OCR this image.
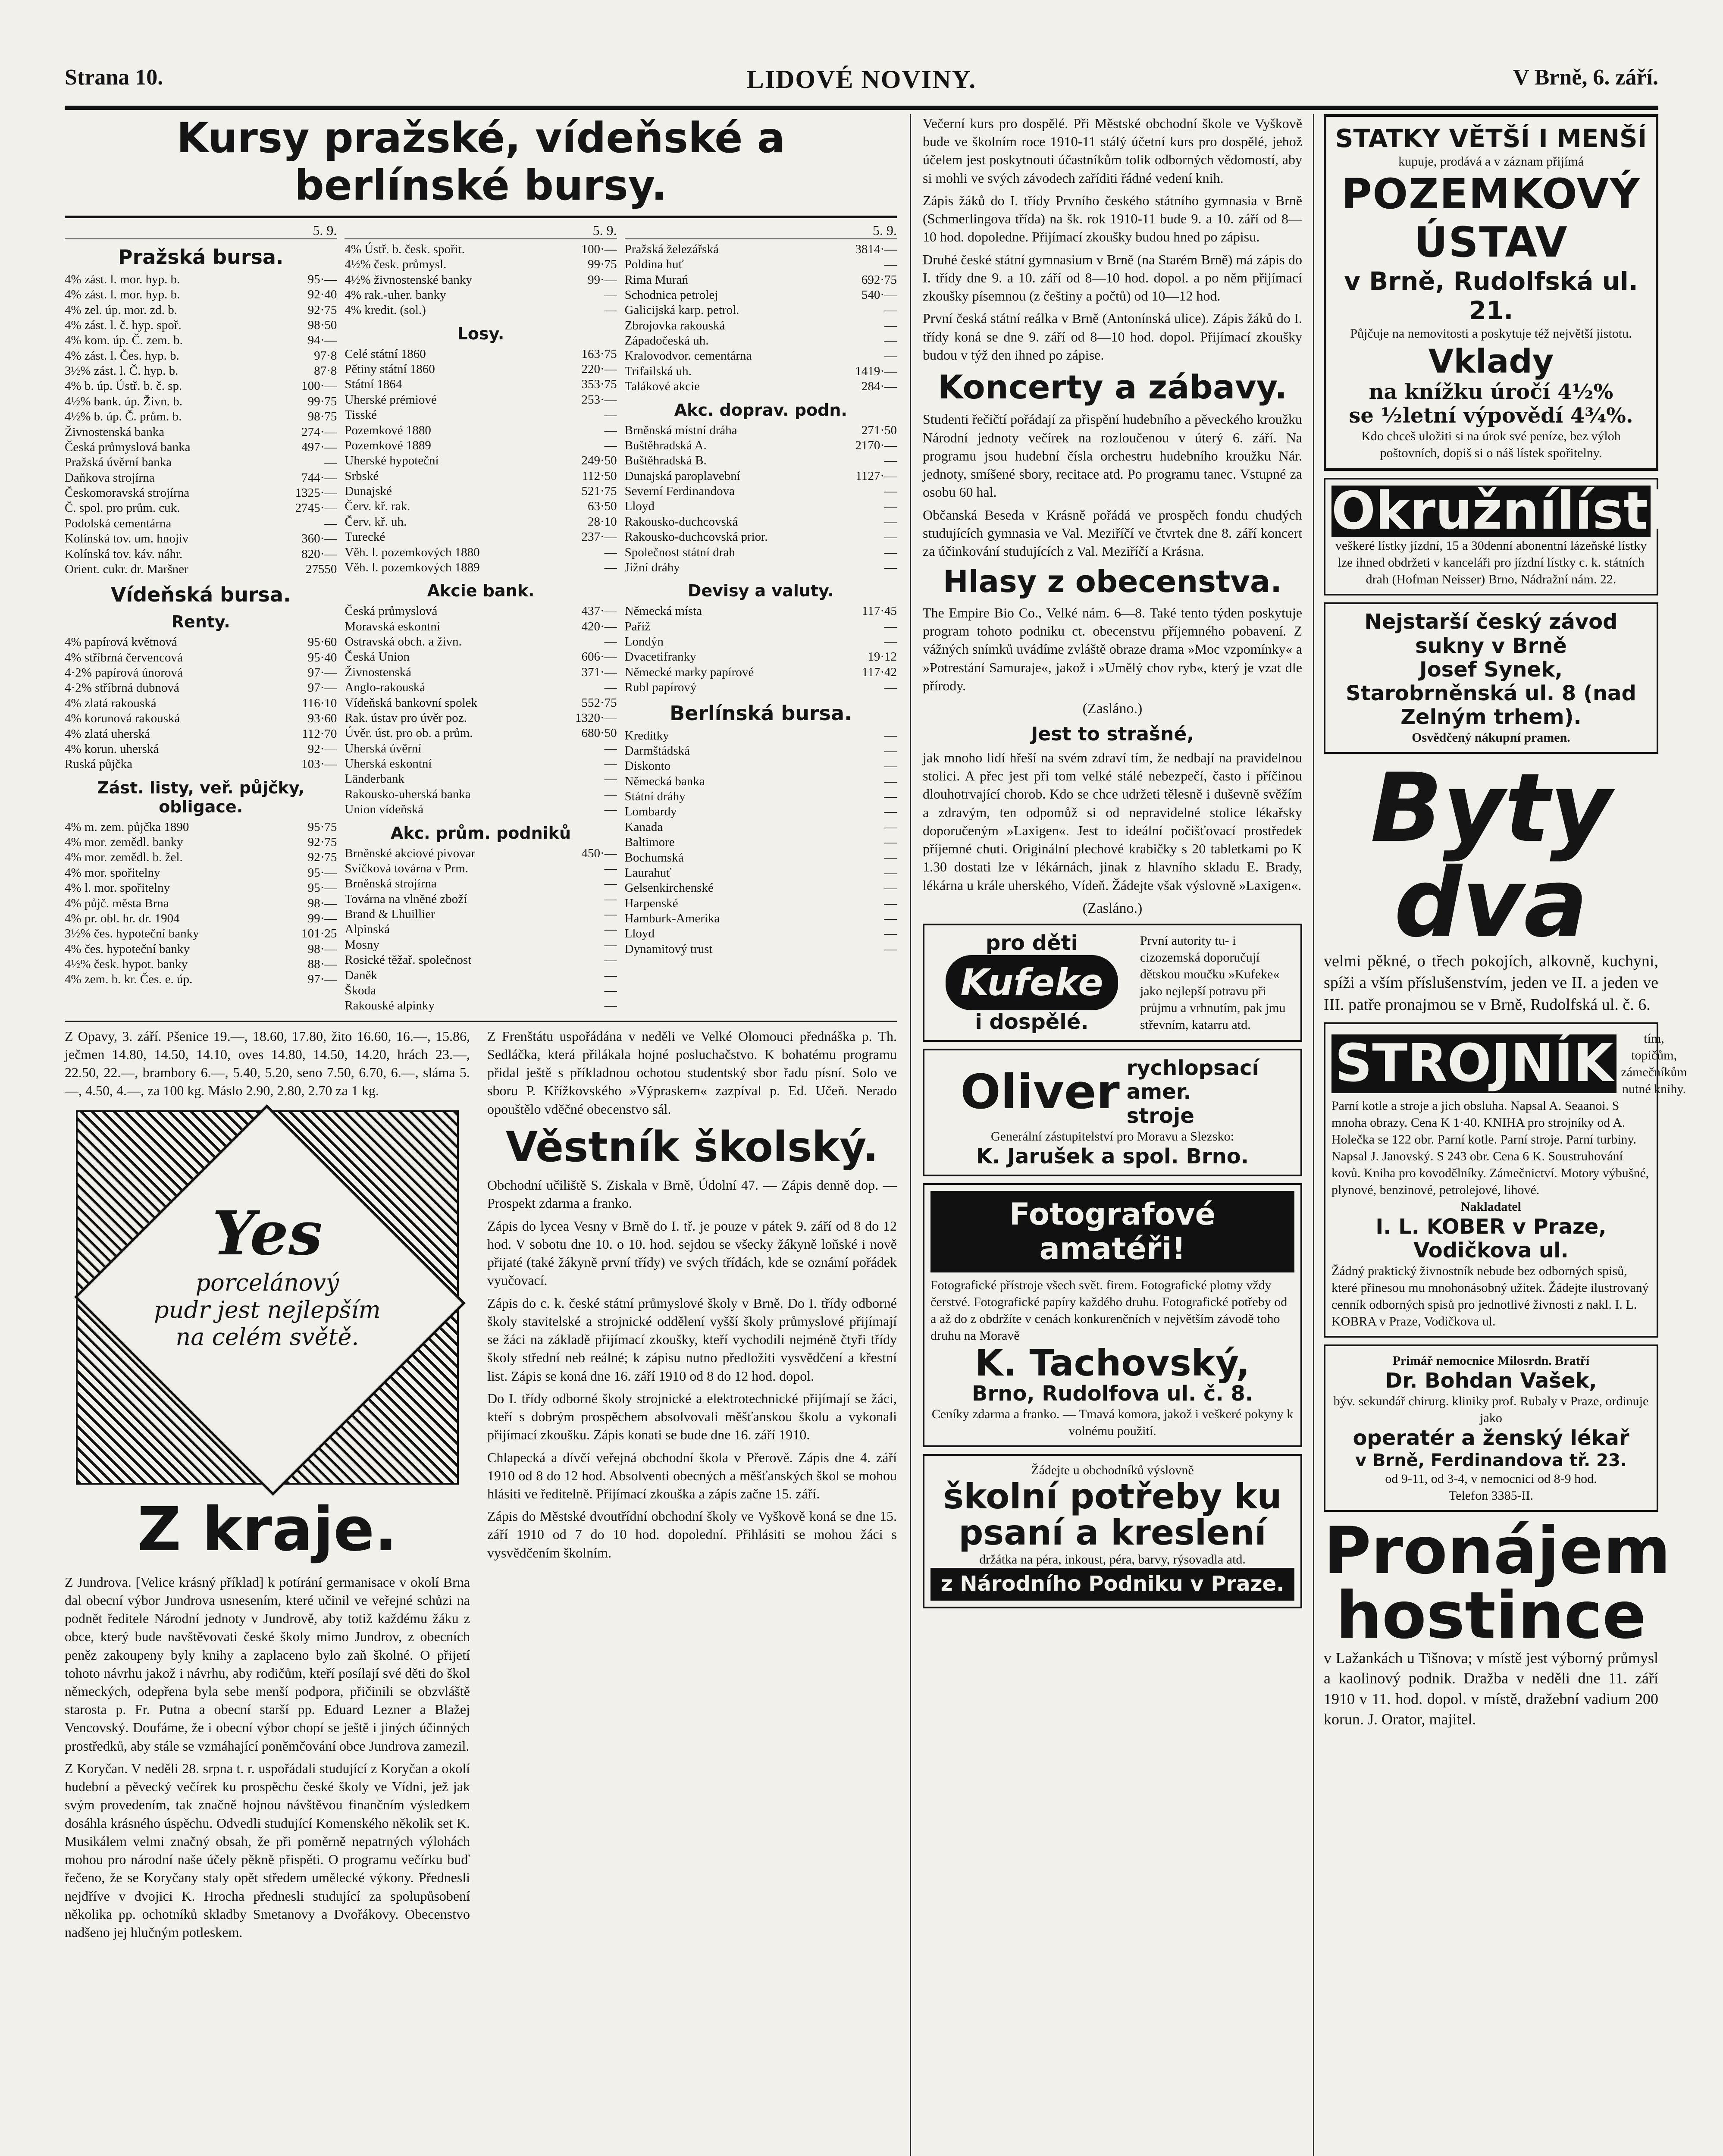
Strana 10.	LIDOVÉ NOVINY.	V Brně, 6. září.
Kursy pražské, vídeňské a berlínské bursy.
5. 9.
Pražská bursa.
4% zást. l. mor. hyp. b.	95·—
4% zást. l. mor. hyp. b.	92·40
4% zel. úp. mor. zd. b.	92·75
4% zást. l. č. hyp. spoř.	98·50
4% kom. úp. Č. zem. b.	94·—
4% zást. l. Čes. hyp. b.	97·8
3½% zást. l. Č. hyp. b.	87·8
4% b. úp. Ústř. b. č. sp.	100·—
4½% bank. úp. Živn. b.	99·75
4½% b. úp. Č. prům. b.	98·75
Živnostenská banka	274·—
Česká průmyslová banka	497·—
Pražská úvěrní banka	—
Daňkova strojírna	744·—
Českomoravská strojírna	1325·—
Č. spol. pro prům. cuk.	2745·—
Podolská cementárna	—
Kolínská tov. um. hnojiv	360·—
Kolínská tov. káv. náhr.	820·—
Orient. cukr. dr. Maršner	27550
Vídeňská bursa.
Renty.
4% papírová květnová	95·60
4% stříbrná červencová	95·40
4·2% papírová únorová	97·—
4·2% stříbrná dubnová	97·—
4% zlatá rakouská	116·10
4% korunová rakouská	93·60
4% zlatá uherská	112·70
4% korun. uherská	92·—
Ruská půjčka	103·—
Zást. listy, veř. půjčky, obligace.
4% m. zem. půjčka 1890	95·75
4% mor. zemědl. banky	92·75
4% mor. zemědl. b. žel.	92·75
4% mor. spořitelny	95·—
4% l. mor. spořitelny	95·—
4% půjč. města Brna	98·—
4% pr. obl. hr. dr. 1904	99·—
3½% čes. hypoteční banky	101·25
4% čes. hypoteční banky	98·—
4½% česk. hypot. banky	88·—
4% zem. b. kr. Čes. e. úp.	97·—
5. 9.
4% Ústř. b. česk. spořit.	100·—
4½% česk. průmysl.	99·75
4½% živnostenské banky	99·—
4% rak.-uher. banky	—
4% kredit. (sol.)	—
Losy.
Celé státní 1860	163·75
Pětiny státní 1860	220·—
Státní 1864	353·75
Uherské prémiové	253·—
Tisské	—
Pozemkové 1880	—
Pozemkové 1889	—
Uherské hypoteční	249·50
Srbské	112·50
Dunajské	521·75
Červ. kř. rak.	63·50
Červ. kř. uh.	28·10
Turecké	237·—
Věh. l. pozemkových 1880	—
Věh. l. pozemkových 1889	—
Akcie bank.
Česká průmyslová	437·—
Moravská eskontní	420·—
Ostravská obch. a živn.	—
Česká Union	606·—
Živnostenská	371·—
Anglo-rakouská	—
Vídeňská bankovní spolek	552·75
Rak. ústav pro úvěr poz.	1320·—
Úvěr. úst. pro ob. a prům.	680·50
Uherská úvěrní	—
Uherská eskontní	—
Länderbank	—
Rakousko-uherská banka	—
Union vídeňská	—
Akc. prům. podniků
Brněnské akciové pivovar	450·—
Svíčková továrna v Prm.	—
Brněnská strojírna	—
Továrna na vlněné zboží	—
Brand & Lhuillier	—
Alpinská	—
Mosny	—
Rosické těžař. společnost	—
Daněk	—
Škoda	—
Rakouské alpinky	—
5. 9.
Pražská železářská	3814·—
Poldina huť	—
Rima Murań	692·75
Schodnica petrolej	540·—
Galicijská karp. petrol.	—
Zbrojovka rakouská	—
Západočeská uh.	—
Kralovodvor. cementárna	—
Trifailská uh.	1419·—
Talákové akcie	284·—
Akc. doprav. podn.
Brněnská místní dráha	271·50
Buštěhradská A.	2170·—
Buštěhradská B.	—
Dunajská paroplavební	1127·—
Severní Ferdinandova	—
Lloyd	—
Rakousko-duchcovská	—
Rakousko-duchcovská prior.	—
Společnost státní drah	—
Jižní dráhy	—
Devisy a valuty.
Německá místa	117·45
Paříž	—
Londýn	—
Dvacetifranky	19·12
Německé marky papírové	117·42
Rubl papírový	—
Berlínská bursa.
Kreditky	—
Darmštádská	—
Diskonto	—
Německá banka	—
Státní dráhy	—
Lombardy	—
Kanada	—
Baltimore	—
Bochumská	—
Laurahuť	—
Gelsenkirchenské	—
Harpenské	—
Hamburk-Amerika	—
Lloyd	—
Dynamitový trust	—

Z Opavy, 3. září. Pšenice 19.—, 18.60, 17.80, žito 16.60, 16.—, 15.86, ječmen 14.80, 14.50, 14.10, oves 14.80, 14.50, 14.20, hrách 23.—, 22.50, 22.—, brambory 6.—, 5.40, 5.20, seno 7.50, 6.70, 6.—, sláma 5.—, 4.50, 4.—, za 100 kg. Máslo 2.90, 2.80, 2.70 za 1 kg.

Yes
porcelánový
pudr jest nejlepším
na celém světě.
Z kraje.

Z Jundrova. [Velice krásný příklad] k potírání germanisace v okolí Brna dal obecní výbor Jundrova usnesením, které učinil ve veřejné schůzi na podnět ředitele Národní jednoty v Jundrově, aby totiž každému žáku z obce, který bude navštěvovati české školy mimo Jundrov, z obecních peněz zakoupeny byly knihy a zaplaceno bylo zaň školné. O přijetí tohoto návrhu jakož i návrhu, aby rodičům, kteří posílají své děti do škol německých, odepřena byla sebe menší podpora, přičinili se obzvláště starosta p. Fr. Putna a obecní starší pp. Eduard Lezner a Blažej Vencovský. Doufáme, že i obecní výbor chopí se ještě i jiných účinných prostředků, aby stále se vzmáhající poněmčování obce Jundrova zamezil.

Z Koryčan. V neděli 28. srpna t. r. uspořádali studující z Koryčan a okolí hudební a pěvecký večírek ku prospěchu české školy ve Vídni, jež jak svým provedením, tak značně hojnou návštěvou finančním výsledkem dosáhla krásného úspěchu. Odvedli studující Komenského několik set K. Musikálem velmi značný obsah, že při poměrně nepatrných výlohách mohou pro národní naše účely pěkně přispěti. O programu večírku buď řečeno, že se Koryčany staly opět středem umělecké výkony. Přednesli nejdříve v dvojici K. Hrocha přednesli studující za spolupůsobení několika pp. ochotníků skladby Smetanovy a Dvořákovy. Obecenstvo nadšeno jej hlučným potleskem.

Z Frenštátu uspořádána v neděli ve Velké Olomouci přednáška p. Th. Sedláčka, která přilákala hojné posluchačstvo. K bohatému programu přidal ještě s příkladnou ochotou studentský sbor řadu písní. Solo ve sboru P. Křížkovského »Výpraskem« zazpíval p. Ed. Učeň. Nerado opouštělo vděčné obecenstvo sál.

Věstník školský.

Obchodní učiliště S. Ziskala v Brně, Údolní 47. — Zápis denně dop. — Prospekt zdarma a franko.

Zápis do lycea Vesny v Brně do I. tř. je pouze v pátek 9. září od 8 do 12 hod. V sobotu dne 10. o 10. hod. sejdou se všecky žákyně loňské i nově přijaté (také žákyně první třídy) ve svých třídách, kde se oznámí pořádek vyučovací.

Zápis do c. k. české státní průmyslové školy v Brně. Do I. třídy odborné školy stavitelské a strojnické oddělení vyšší školy průmyslové přijímají se žáci na základě přijímací zkoušky, kteří vychodili nejméně čtyři třídy školy střední neb reálné; k zápisu nutno předložiti vysvědčení a křestní list. Zápis se koná dne 16. září 1910 od 8 do 12 hod. dopol.

Do I. třídy odborné školy strojnické a elektrotechnické přijímají se žáci, kteří s dobrým prospěchem absolvovali měšťanskou školu a vykonali přijímací zkoušku. Zápis konati se bude dne 16. září 1910.

Chlapecká a dívčí veřejná obchodní škola v Přerově. Zápis dne 4. září 1910 od 8 do 12 hod. Absolventi obecných a měšťanských škol se mohou hlásiti ve ředitelně. Přijímací zkouška a zápis začne 15. září.

Zápis do Městské dvoutřídní obchodní školy ve Vyškově koná se dne 15. září 1910 od 7 do 10 hod. dopolední. Přihlásiti se mohou žáci s vysvědčením školním.

Večerní kurs pro dospělé. Při Městské obchodní škole ve Vyškově bude ve školním roce 1910-11 stálý účetní kurs pro dospělé, jehož účelem jest poskytnouti účastníkům tolik odborných vědomostí, aby si mohli ve svých závodech zaříditi řádné vedení knih.

Zápis žáků do I. třídy Prvního českého státního gymnasia v Brně (Schmerlingova třída) na šk. rok 1910-11 bude 9. a 10. září od 8—10 hod. dopoledne. Přijímací zkoušky budou hned po zápisu.

Druhé české státní gymnasium v Brně (na Starém Brně) má zápis do I. třídy dne 9. a 10. září od 8—10 hod. dopol. a po něm přijímací zkoušky písemnou (z češtiny a počtů) od 10—12 hod.

První česká státní reálka v Brně (Antonínská ulice). Zápis žáků do I. třídy koná se dne 9. září od 8—10 hod. dopol. Přijímací zkoušky budou v týž den ihned po zápise.

Koncerty a zábavy.

Studenti řečičtí pořádají za přispění hudebního a pěveckého kroužku Národní jednoty večírek na rozloučenou v úterý 6. září. Na programu jsou hudební čísla orchestru hudebního kroužku Nár. jednoty, smíšené sbory, recitace atd. Po programu tanec. Vstupné za osobu 60 hal.

Občanská Beseda v Krásně pořádá ve prospěch fondu chudých studujících gymnasia ve Val. Meziříčí ve čtvrtek dne 8. září koncert za účinkování studujících z Val. Meziříčí a Krásna.

Hlasy z obecenstva.

The Empire Bio Co., Velké nám. 6—8. Také tento týden poskytuje program tohoto podniku ct. obecenstvu příjemného pobavení. Z vážných snímků uvádíme zvláště obraze drama »Moc vzpomínky« a »Potrestání Samuraje«, jakož i »Umělý chov ryb«, který je vzat dle přírody.

(Zasláno.)
Jest to strašné,

jak mnoho lidí hřeší na svém zdraví tím, že nedbají na pravidelnou stolici. A přec jest při tom velké stálé nebezpečí, často i příčinou dlouhotrvající chorob. Kdo se chce udržeti tělesně i duševně svěžím a zdravým, ten odpomůž si od nepravidelné stolice lékařsky doporučeným »Laxigen«. Jest to ideální počišťovací prostředek příjemné chuti. Originální plechové krabičky s 20 tabletkami po K 1.30 dostati lze v lékárnách, jinak z hlavního skladu E. Brady, lékárna u krále uherského, Vídeň. Žádejte však výslovně »Laxigen«.

(Zasláno.)
pro děti
Kufeke
i dospělé.
První autority tu- i cizozemská doporučují dětskou moučku »Kufeke« jako nejlepší potravu při průjmu a vrhnutím, pak jmu střevním, katarru atd.
Oliver rychlopsací amer. stroje
Generální zástupitelství pro Moravu a Slezsko:
K. Jarušek a spol. Brno.
Fotografové amatéři!
Fotografické přístroje všech svět. firem. Fotografické plotny vždy čerstvé. Fotografické papíry každého druhu. Fotografické potřeby od a až do z obdržíte v cenách konkurenčních v největším závodě toho druhu na Moravě
K. Tachovský,
Brno, Rudolfova ul. č. 8.
Ceníky zdarma a franko. — Tmavá komora, jakož i veškeré pokyny k volnému použití.
Žádejte u obchodníků výslovně
školní potřeby ku psaní a kreslení
držátka na péra, inkoust, péra, barvy, rýsovadla atd.
z Národního Podniku v Praze.
STATKY VĚTŠÍ I MENŠÍ
kupuje, prodává a v záznam přijímá
POZEMKOVÝ ÚSTAV
v Brně, Rudolfská ul. 21.
Půjčuje na nemovitosti a poskytuje též největší jistotu.
Vklady
na knížku úročí 4½%
se ½letní výpovědí 4¾%.
Kdo chceš uložiti si na úrok své peníze, bez výloh poštovních, dopiš si o náš lístek spořitelny.
Okružnílístky
veškeré lístky jízdní, 15 a 30denní abonentní lázeňské lístky lze ihned obdržeti v kanceláři pro jízdní lístky c. k. státních drah (Hofman Neisser) Brno, Nádražní nám. 22.
Nejstarší český závod sukny v Brně
Josef Synek, Starobrněnská ul. 8 (nad Zelným trhem).
Osvědčený nákupní pramen.
Byty dva

velmi pěkné, o třech pokojích, alkovně, kuchyni, spíži a vším příslušenstvím, jeden ve II. a jeden ve III. patře pronajmou se v Brně, Rudolfská ul. č. 6.

STROJNÍK	tím, topičům, zámečníkům nutné knihy.
Parní kotle a stroje a jich obsluha. Napsal A. Seaanoi. S mnoha obrazy. Cena K 1·40. KNIHA pro strojníky od A. Holečka se 122 obr. Parní kotle. Parní stroje. Parní turbiny. Napsal J. Janovský. S 243 obr. Cena 6 K. Soustruhování kovů. Kniha pro kovodělníky. Zámečnictví. Motory výbušné, plynové, benzinové, petrolejové, lihové.
Nakladatel
I. L. KOBER v Praze, Vodičkova ul.
Žádný praktický živnostník nebude bez odborných spisů, které přinesou mu mnohonásobný užitek. Žádejte ilustrovaný cenník odborných spisů pro jednotlivé živnosti z nakl. I. L. KOBRA v Praze, Vodičkova ul.
Primář nemocnice Milosrdn. Bratří
Dr. Bohdan Vašek,
býv. sekundář chirurg. kliniky prof. Rubaly v Praze, ordinuje jako
operatér a ženský lékař
v Brně, Ferdinandova tř. 23.
od 9-11, od 3-4, v nemocnici od 8-9 hod.
Telefon 3385-II.
Pronájem
hostince

v Lažankách u Tišnova; v místě jest výborný průmysl a kaolinový podnik. Dražba v neděli dne 11. září 1910 v 11. hod. dopol. v místě, dražební vadium 200 korun. J. Orator, majitel.
